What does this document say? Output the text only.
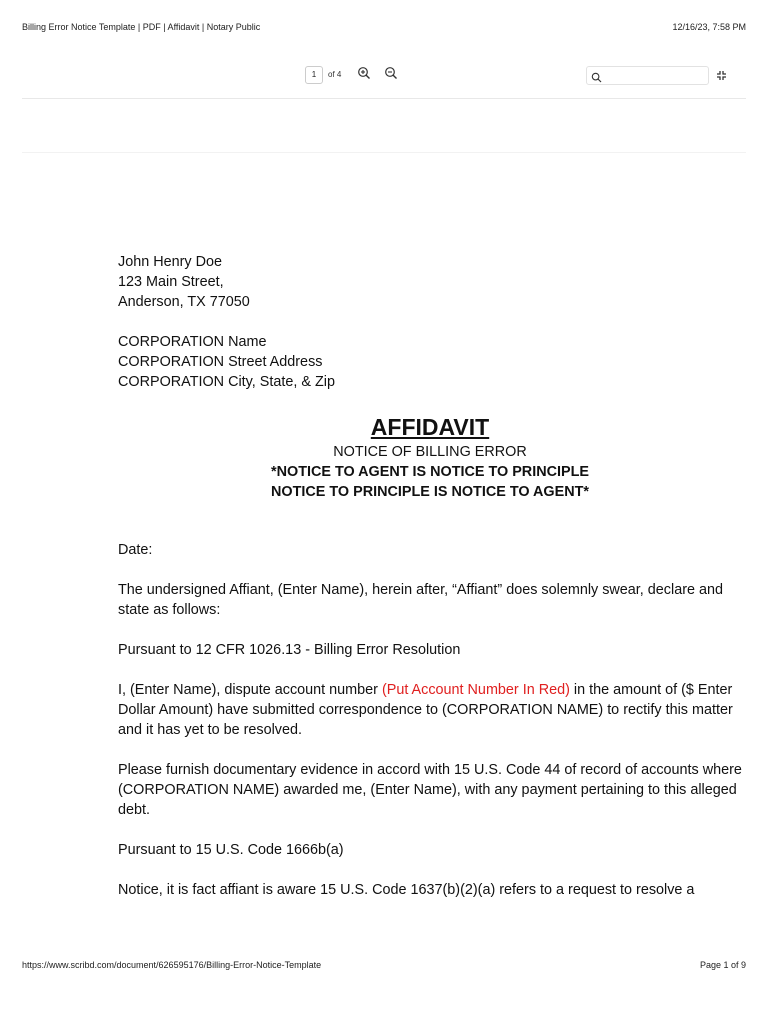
Billing Error Notice Template | PDF | Affidavit | Notary Public	12/16/23, 7:58 PM
1
of 4

John Henry Doe

123 Main Street,

Anderson, TX 77050

CORPORATION Name

CORPORATION Street Address

CORPORATION City, State, & Zip

AFFIDAVIT

NOTICE OF BILLING ERROR

*NOTICE TO AGENT IS NOTICE TO PRINCIPLE

NOTICE TO PRINCIPLE IS NOTICE TO AGENT*

Date:

The undersigned Affiant, (Enter Name), herein after, “Affiant” does solemnly swear, declare and state as follows:

Pursuant to 12 CFR 1026.13 - Billing Error Resolution

I, (Enter Name), dispute account number (Put Account Number In Red) in the amount of ($ Enter Dollar Amount) have submitted correspondence to (CORPORATION NAME) to rectify this matter and it has yet to be resolved.

Please furnish documentary evidence in accord with 15 U.S. Code 44 of record of accounts where (CORPORATION NAME) awarded me, (Enter Name), with any payment pertaining to this alleged debt.

Pursuant to 15 U.S. Code 1666b(a)

Notice, it is fact affiant is aware 15 U.S. Code 1637(b)(2)(a) refers to a request to resolve a

https://www.scribd.com/document/626595176/Billing-Error-Notice-Template	Page 1 of 9
